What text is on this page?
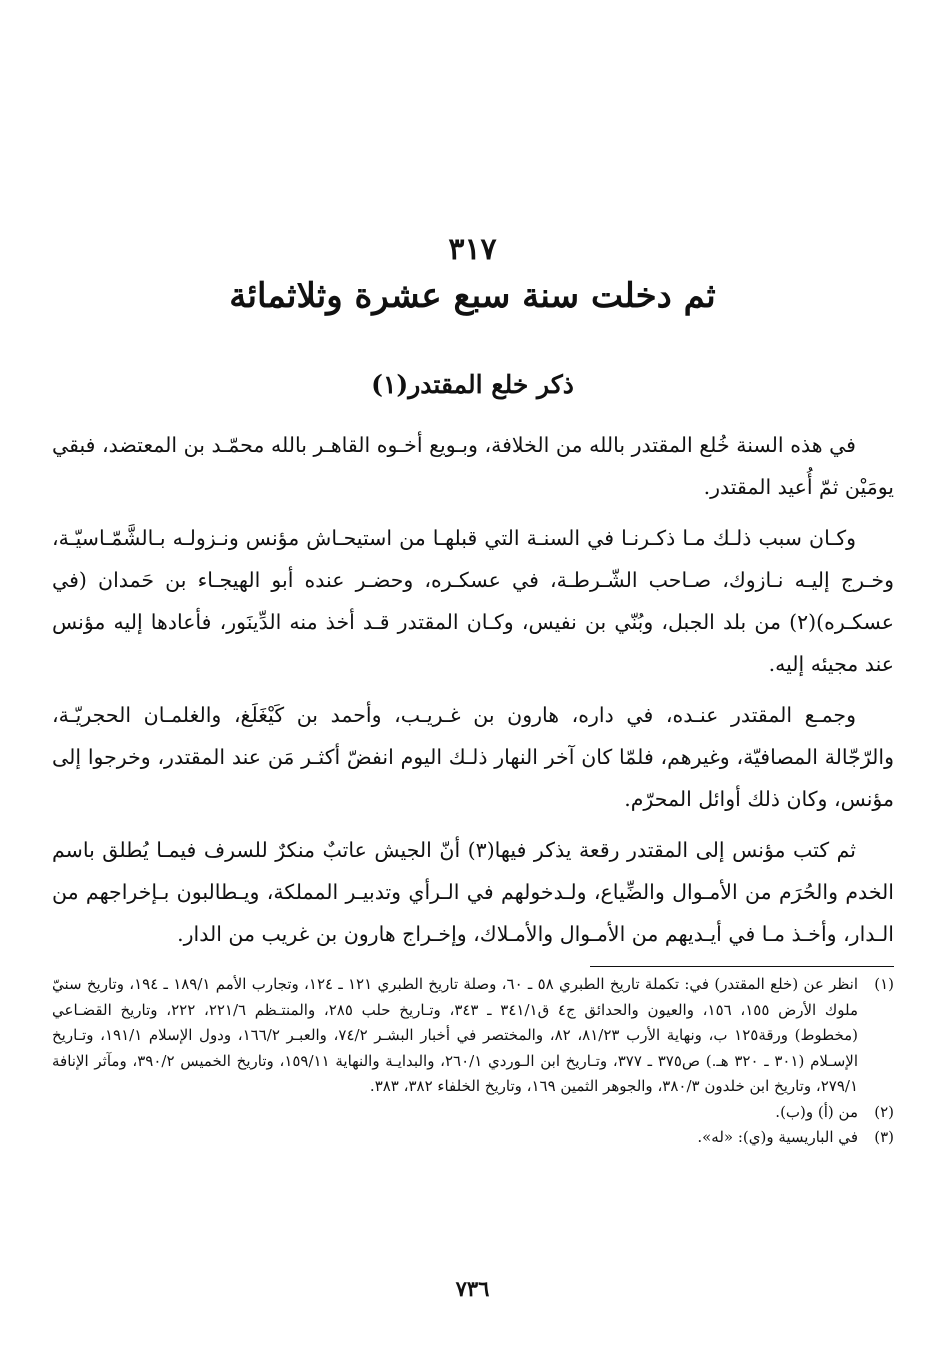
٣١٧
ثم دخلت سنة سبع عشرة وثلاثمائة
ذكر خلع المقتدر(١)

في هذه السنة خُلع المقتدر بالله من الخلافة، وبـويع أخـوه القاهـر بالله محمّـد بن المعتضد، فبقي يومَيْن ثمّ أُعيد المقتدر.

وكـان سبب ذلـك مـا ذكـرنـا في السنـة التي قبلهـا من استيحـاش مؤنس ونـزولـه بـالشَّمّـاسيّـة، وخـرج إليـه نـازوك، صـاحب الشّـرطـة، في عسكـره، وحضـر عنده أبو الهيجـاء بن حَمدان (في عسكـره)(٢) من بلد الجبل، وبُنّي بن نفيس، وكـان المقتدر قـد أخذ منه الدِّينَور، فأعادها إليه مؤنس عند مجيئه إليه.

وجمـع المقتدر عنـده، في داره، هارون بن غـريـب، وأحمد بن كَيْغَلَغ، والغلمـان الحجريّـة، والرّجّالة المصافيّة، وغيرهم، فلمّا كان آخر النهار ذلـك اليوم انفضّ أكثـر مَن عند المقتدر، وخرجوا إلى مؤنس، وكان ذلك أوائل المحرّم.

ثم كتب مؤنس إلى المقتدر رقعة يذكر فيها(٣) أنّ الجيش عاتبٌ منكرٌ للسرف فيمـا يُطلق باسم الخدم والحُرَم من الأمـوال والضِّياع، ولـدخولهم في الـرأي وتدبيـر المملكة، ويـطالبون بـإخراجهم من الـدار، وأخـذ مـا في أيـديهم من الأمـوال والأمـلاك، وإخـراج هارون بن غريب من الدار.

(١)
انظر عن (خلع المقتدر) في: تكملة تاريخ الطبري ٥٨ ـ ٦٠، وصلة تاريخ الطبري ١٢١ ـ ١٢٤، وتجارب الأمم ١٨٩/١ ـ ١٩٤، وتاريخ سنيّ ملوك الأرض ١٥٥، ١٥٦، والعيون والحدائق ج٤ ق٣٤١/١ ـ ٣٤٣، وتـاريخ حلب ٢٨٥، والمنتـظم ٢٢١/٦، ٢٢٢، وتاريخ القضـاعي (مخطوط) ورقة١٢٥ ب، ونهاية الأرب ٨١/٢٣، ٨٢، والمختصر في أخبار البشـر ٧٤/٢، والعبـر ١٦٦/٢، ودول الإسلام ١٩١/١، وتـاريخ الإسـلام (٣٠١ ـ ٣٢٠ هـ.) ص٣٧٥ ـ ٣٧٧، وتـاريخ ابن الـوردي ٢٦٠/١، والبدايـة والنهاية ١٥٩/١١، وتاريخ الخميس ٣٩٠/٢، ومآثر الإنافة ٢٧٩/١، وتاريخ ابن خلدون ٣٨٠/٣، والجوهر الثمين ١٦٩، وتاريخ الخلفاء ٣٨٢، ٣٨٣.
(٢)
من (أ) و(ب).
(٣)
في الباريسية و(ي): «له».
٧٣٦
